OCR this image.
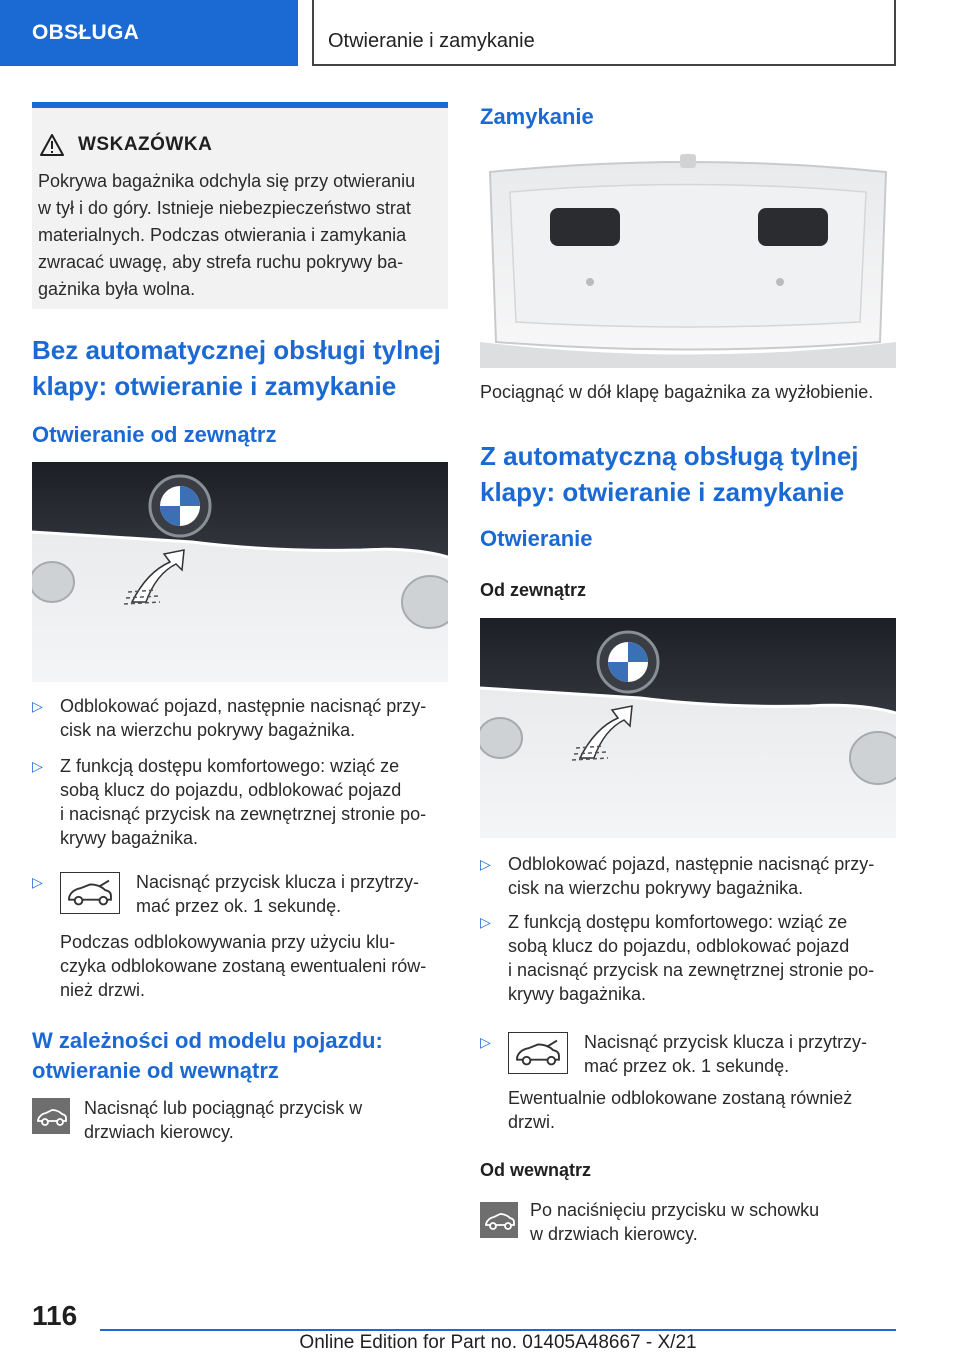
OBSŁUGA	Otwieranie i zamykanie
WSKAZÓWKA
Pokrywa bagażnika odchyla się przy otwieraniu
w tył i do góry. Istnieje niebezpieczeństwo strat
materialnych. Podczas otwierania i zamykania
zwracać uwagę, aby strefa ruchu pokrywy ba-
gażnika była wolna.
Bez automatycznej obsługi tylnej
klapy: otwieranie i zamykanie
Otwieranie od zewnątrz
▷ Odblokować pojazd, następnie nacisnąć przy-
cisk na wierzchu pokrywy bagażnika.
▷ Z funkcją dostępu komfortowego: wziąć ze
sobą klucz do pojazdu, odblokować pojazd
i nacisnąć przycisk na zewnętrznej stronie po-
krywy bagażnika.
▷	Nacisnąć przycisk klucza i przytrzy-
mać przez ok. 1 sekundę.
Podczas odblokowywania przy użyciu klu-
czyka odblokowane zostaną ewentualeni rów-
nież drzwi.
W zależności od modelu pojazdu:
otwieranie od wewnątrz
Nacisnąć lub pociągnąć przycisk w
drzwiach kierowcy.
Zamykanie
Pociągnąć w dół klapę bagażnika za wyżłobienie.
Z automatyczną obsługą tylnej
klapy: otwieranie i zamykanie
Otwieranie
Od zewnątrz
▷ Odblokować pojazd, następnie nacisnąć przy-
cisk na wierzchu pokrywy bagażnika.
▷ Z funkcją dostępu komfortowego: wziąć ze
sobą klucz do pojazdu, odblokować pojazd
i nacisnąć przycisk na zewnętrznej stronie po-
krywy bagażnika.
▷	Nacisnąć przycisk klucza i przytrzy-
mać przez ok. 1 sekundę.
Ewentualnie odblokowane zostaną również
drzwi.
Od wewnątrz
Po naciśnięciu przycisku w schowku
w drzwiach kierowcy.
116
Online Edition for Part no. 01405A48667 - X/21
